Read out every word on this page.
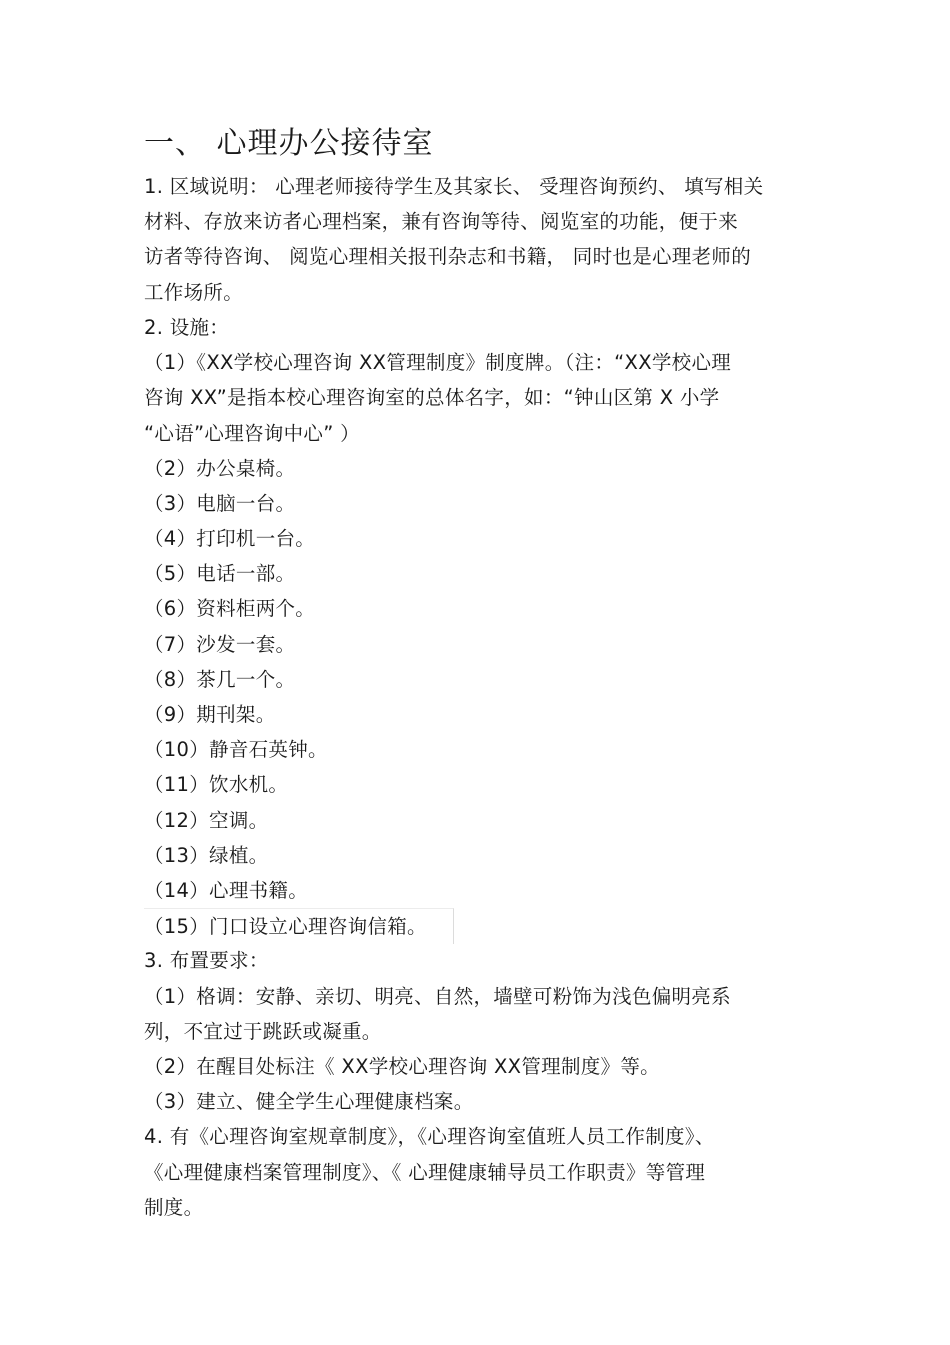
一、 心理办公接待室
1. 区域说明： 心理老师接待学生及其家长、 受理咨询预约、 填写相关
材料、存放来访者心理档案，兼有咨询等待、阅览室的功能，便于来
访者等待咨询、 阅览心理相关报刊杂志和书籍， 同时也是心理老师的
工作场所。
2. 设施：
（1）《XX学校心理咨询 XX管理制度》制度牌。（注：“XX学校心理
咨询 XX”是指本校心理咨询室的总体名字，如：“钟山区第 X 小学
“心语”心理咨询中心” ）
（2）办公桌椅。
（3）电脑一台。
（4）打印机一台。
（5）电话一部。
（6）资料柜两个。
（7）沙发一套。
（8）茶几一个。
（9）期刊架。
（10）静音石英钟。
（11）饮水机。
（12）空调。
（13）绿植。
（14）心理书籍。
（15）门口设立心理咨询信箱。
3. 布置要求：
（1）格调：安静、亲切、明亮、自然，墙壁可粉饰为浅色偏明亮系
列，不宜过于跳跃或凝重。
（2）在醒目处标注《 XX学校心理咨询 XX管理制度》等。
（3）建立、健全学生心理健康档案。
4. 有《心理咨询室规章制度》，《心理咨询室值班人员工作制度》、
《心理健康档案管理制度》、《 心理健康辅导员工作职责》等管理
制度。
